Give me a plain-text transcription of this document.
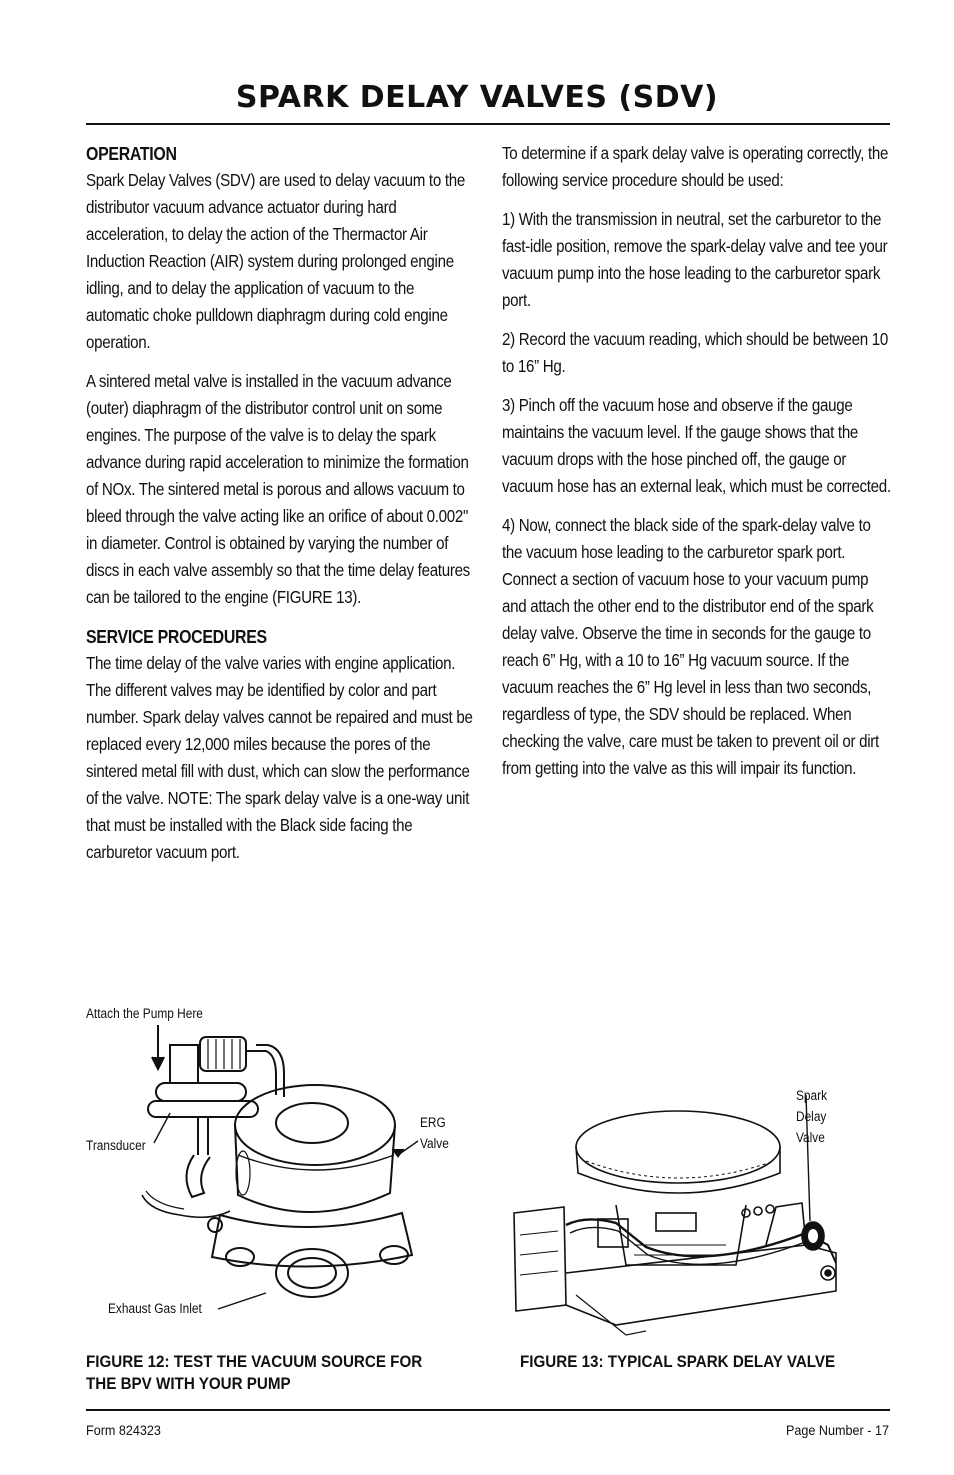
SPARK DELAY VALVES (SDV)
OPERATION

Spark Delay Valves (SDV) are used to delay vacuum to the distributor vacuum advance actuator during hard acceleration, to delay the action of the Thermactor Air Induction Reaction (AIR) system during prolonged engine idling, and to delay the application of vacuum to the automatic choke pulldown diaphragm during cold engine operation.

A sintered metal valve is installed in the vacuum advance (outer) diaphragm of the distributor control unit on some engines. The purpose of the valve is to delay the spark advance during rapid acceleration to minimize the formation of NOx. The sintered metal is porous and allows vacuum to bleed through the valve acting like an orifice of about 0.002" in diameter. Control is obtained by varying the number of discs in each valve assembly so that the time delay features can be tailored to the engine (FIGURE 13).

SERVICE PROCEDURES

The time delay of the valve varies with engine application. The different valves may be identified by color and part number. Spark delay valves cannot be repaired and must be replaced every 12,000 miles because the pores of the sintered metal fill with dust, which can slow the performance of the valve. NOTE: The spark delay valve is a one-way unit that must be installed with the Black side facing the carburetor vacuum port.

To determine if a spark delay valve is operating correctly, the following service procedure should be used:

1) With the transmission in neutral, set the carburetor to the fast-idle position, remove the spark-delay valve and tee your vacuum pump into the hose leading to the carburetor spark port.

2) Record the vacuum reading, which should be between 10 to 16” Hg.

3) Pinch off the vacuum hose and observe if the gauge maintains the vacuum level. If the gauge shows that the vacuum drops with the hose pinched off, the gauge or vacuum hose has an external leak, which must be corrected.

4) Now, connect the black side of the spark-delay valve to the vacuum hose leading to the carburetor spark port. Connect a section of vacuum hose to your vacuum pump and attach the other end to the distributor end of the spark delay valve. Observe the time in seconds for the gauge to reach 6” Hg, with a 10 to 16” Hg vacuum source. If the vacuum reaches the 6” Hg level in less than two seconds, regardless of type, the SDV should be replaced. When checking the valve, care must be taken to prevent oil or dirt from getting into the valve as this will impair its function.

Attach the Pump Here
Transducer
ERG
Valve
Exhaust Gas Inlet
FIGURE 12: TEST THE VACUUM SOURCE FOR
THE BPV WITH YOUR PUMP
Spark
Delay
Valve
FIGURE 13: TYPICAL SPARK DELAY VALVE
Form 824323	Page Number - 17
